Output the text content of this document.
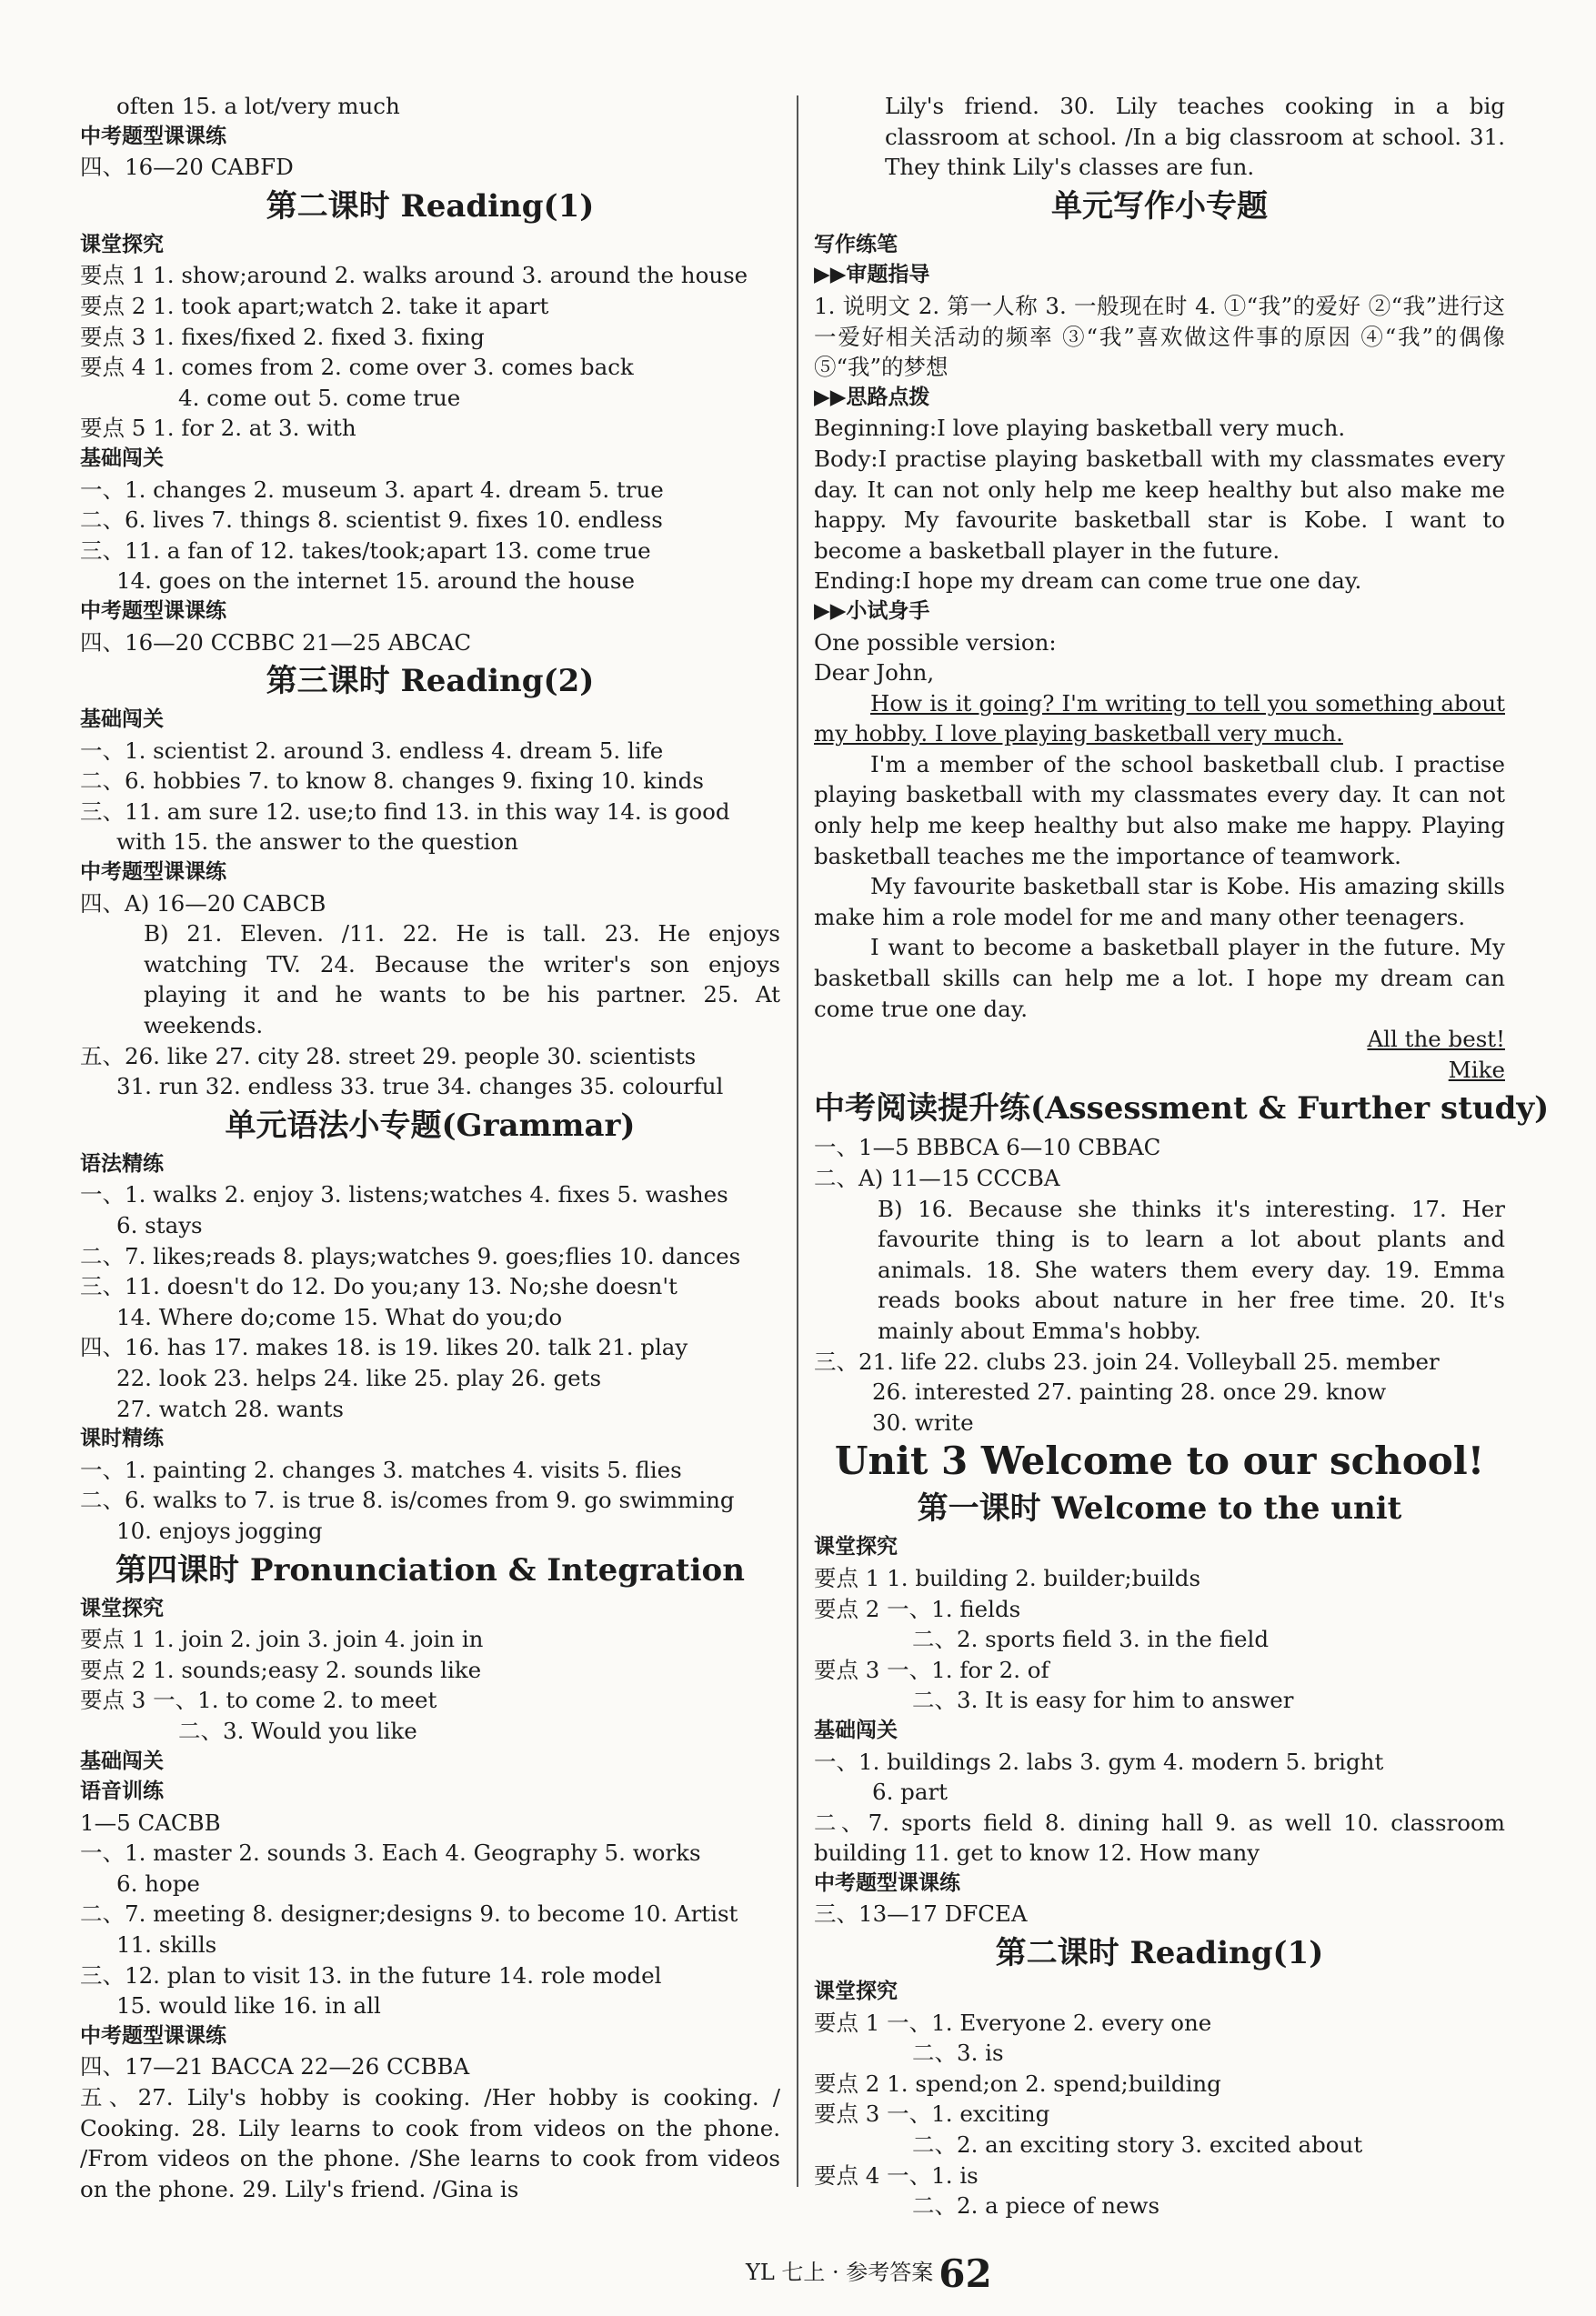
often 15. a lot/very much
中考题型课课练
四、16—20 CABFD
第二课时 Reading(1)
课堂探究
要点 1 1. show;around 2. walks around 3. around the house
要点 2 1. took apart;watch 2. take it apart
要点 3 1. fixes/fixed 2. fixed 3. fixing
要点 4 1. comes from 2. come over 3. comes back
4. come out 5. come true
要点 5 1. for 2. at 3. with
基础闯关
一、1. changes 2. museum 3. apart 4. dream 5. true
二、6. lives 7. things 8. scientist 9. fixes 10. endless
三、11. a fan of 12. takes/took;apart 13. come true
14. goes on the internet 15. around the house
中考题型课课练
四、16—20 CCBBC 21—25 ABCAC
第三课时 Reading(2)
基础闯关
一、1. scientist 2. around 3. endless 4. dream 5. life
二、6. hobbies 7. to know 8. changes 9. fixing 10. kinds
三、11. am sure 12. use;to find 13. in this way 14. is good
with 15. the answer to the question
中考题型课课练
四、A) 16—20 CABCB
B) 21. Eleven. /11. 22. He is tall. 23. He enjoys watching TV. 24. Because the writer's son enjoys playing it and he wants to be his partner. 25. At weekends.
五、26. like 27. city 28. street 29. people 30. scientists
31. run 32. endless 33. true 34. changes 35. colourful
单元语法小专题(Grammar)
语法精练
一、1. walks 2. enjoy 3. listens;watches 4. fixes 5. washes
6. stays
二、7. likes;reads 8. plays;watches 9. goes;flies 10. dances
三、11. doesn't do 12. Do you;any 13. No;she doesn't
14. Where do;come 15. What do you;do
四、16. has 17. makes 18. is 19. likes 20. talk 21. play
22. look 23. helps 24. like 25. play 26. gets
27. watch 28. wants
课时精练
一、1. painting 2. changes 3. matches 4. visits 5. flies
二、6. walks to 7. is true 8. is/comes from 9. go swimming
10. enjoys jogging
第四课时 Pronunciation & Integration
课堂探究
要点 1 1. join 2. join 3. join 4. join in
要点 2 1. sounds;easy 2. sounds like
要点 3 一、1. to come 2. to meet
二、3. Would you like
基础闯关
语音训练
1—5 CACBB
一、1. master 2. sounds 3. Each 4. Geography 5. works
6. hope
二、7. meeting 8. designer;designs 9. to become 10. Artist
11. skills
三、12. plan to visit 13. in the future 14. role model
15. would like 16. in all
中考题型课课练
四、17—21 BACCA 22—26 CCBBA
五、27. Lily's hobby is cooking. /Her hobby is cooking. / Cooking. 28. Lily learns to cook from videos on the phone. /From videos on the phone. /She learns to cook from videos on the phone. 29. Lily's friend. /Gina is
Lily's friend. 30. Lily teaches cooking in a big classroom at school. /In a big classroom at school. 31. They think Lily's classes are fun.
单元写作小专题
写作练笔
▶▶审题指导
1. 说明文 2. 第一人称 3. 一般现在时 4. ①“我”的爱好 ②“我”进行这一爱好相关活动的频率 ③“我”喜欢做这件事的原因 ④“我”的偶像 ⑤“我”的梦想
▶▶思路点拨
Beginning:I love playing basketball very much.
Body:I practise playing basketball with my classmates every day. It can not only help me keep healthy but also make me happy. My favourite basketball star is Kobe. I want to become a basketball player in the future.
Ending:I hope my dream can come true one day.
▶▶小试身手
One possible version:
Dear John,
How is it going? I'm writing to tell you something about my hobby. I love playing basketball very much.
I'm a member of the school basketball club. I practise playing basketball with my classmates every day. It can not only help me keep healthy but also make me happy. Playing basketball teaches me the importance of teamwork.
My favourite basketball star is Kobe. His amazing skills make him a role model for me and many other teenagers.
I want to become a basketball player in the future. My basketball skills can help me a lot. I hope my dream can come true one day.
All the best!
Mike
中考阅读提升练(Assessment & Further study)
一、1—5 BBBCA 6—10 CBBAC
二、A) 11—15 CCCBA
B) 16. Because she thinks it's interesting. 17. Her favourite thing is to learn a lot about plants and animals. 18. She waters them every day. 19. Emma reads books about nature in her free time. 20. It's mainly about Emma's hobby.
三、21. life 22. clubs 23. join 24. Volleyball 25. member
26. interested 27. painting 28. once 29. know
30. write
Unit 3 Welcome to our school!
第一课时 Welcome to the unit
课堂探究
要点 1 1. building 2. builder;builds
要点 2 一、1. fields
二、2. sports field 3. in the field
要点 3 一、1. for 2. of
二、3. It is easy for him to answer
基础闯关
一、1. buildings 2. labs 3. gym 4. modern 5. bright
6. part
二、7. sports field 8. dining hall 9. as well 10. classroom building 11. get to know 12. How many
中考题型课课练
三、13—17 DFCEA
第二课时 Reading(1)
课堂探究
要点 1 一、1. Everyone 2. every one
二、3. is
要点 2 1. spend;on 2. spend;building
要点 3 一、1. exciting
二、2. an exciting story 3. excited about
要点 4 一、1. is
二、2. a piece of news
YL 七上 · 参考答案 62
